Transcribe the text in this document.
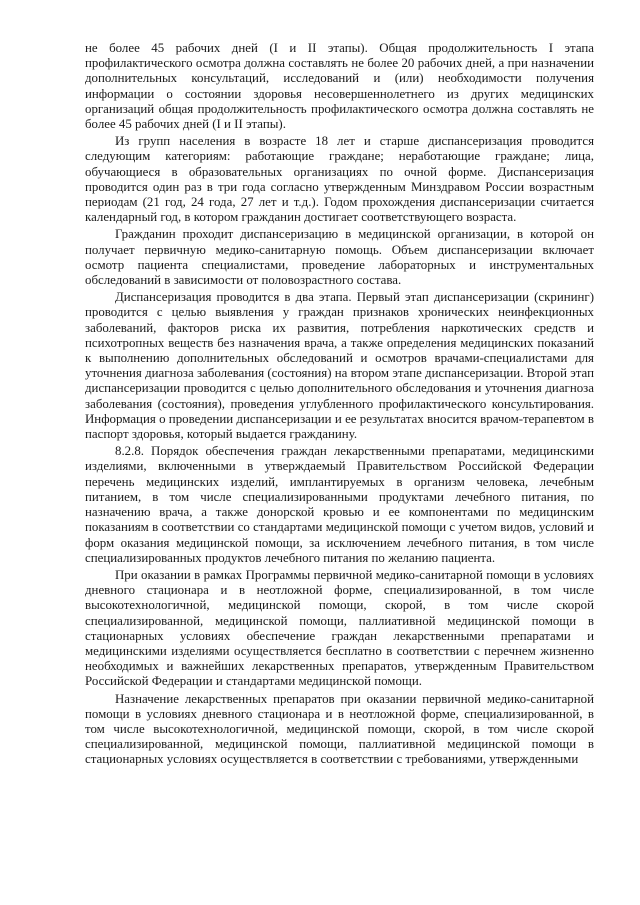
не более 45 рабочих дней (I и II этапы). Общая продолжительность I этапа профилактического осмотра должна составлять не более 20 рабочих дней, а при назначении дополнительных консультаций, исследований и (или) необходимости получения информации о состоянии здоровья несовершеннолетнего из других медицинских организаций общая продолжительность профилактического осмотра должна составлять не более 45 рабочих дней (I и II этапы).

Из групп населения в возрасте 18 лет и старше диспансеризация проводится следующим категориям: работающие граждане; неработающие граждане; лица, обучающиеся в образовательных организациях по очной форме. Диспансеризация проводится один раз в три года согласно утвержденным Минздравом России возрастным периодам (21 год, 24 года, 27 лет и т.д.). Годом прохождения диспансеризации считается календарный год, в котором гражданин достигает соответствующего возраста.

Гражданин проходит диспансеризацию в медицинской организации, в которой он получает первичную медико-санитарную помощь. Объем диспансеризации включает осмотр пациента специалистами, проведение лабораторных и инструментальных обследований в зависимости от половозрастного состава.

Диспансеризация проводится в два этапа. Первый этап диспансеризации (скрининг) проводится с целью выявления у граждан признаков хронических неинфекционных заболеваний, факторов риска их развития, потребления наркотических средств и психотропных веществ без назначения врача, а также определения медицинских показаний к выполнению дополнительных обследований и осмотров врачами-специалистами для уточнения диагноза заболевания (состояния) на втором этапе диспансеризации. Второй этап диспансеризации проводится с целью дополнительного обследования и уточнения диагноза заболевания (состояния), проведения углубленного профилактического консультирования. Информация о проведении диспансеризации и ее результатах вносится врачом-терапевтом в паспорт здоровья, который выдается гражданину.

8.2.8. Порядок обеспечения граждан лекарственными препаратами, медицинскими изделиями, включенными в утверждаемый Правительством Российской Федерации перечень медицинских изделий, имплантируемых в организм человека, лечебным питанием, в том числе специализированными продуктами лечебного питания, по назначению врача, а также донорской кровью и ее компонентами по медицинским показаниям в соответствии со стандартами медицинской помощи с учетом видов, условий и форм оказания медицинской помощи, за исключением лечебного питания, в том числе специализированных продуктов лечебного питания по желанию пациента.

При оказании в рамках Программы первичной медико-санитарной помощи в условиях дневного стационара и в неотложной форме, специализированной, в том числе высокотехнологичной, медицинской помощи, скорой, в том числе скорой специализированной, медицинской помощи, паллиативной медицинской помощи в стационарных условиях обеспечение граждан лекарственными препаратами и медицинскими изделиями осуществляется бесплатно в соответствии с перечнем жизненно необходимых и важнейших лекарственных препаратов, утвержденным Правительством Российской Федерации и стандартами медицинской помощи.

Назначение лекарственных препаратов при оказании первичной медико-санитарной помощи в условиях дневного стационара и в неотложной форме, специализированной, в том числе высокотехнологичной, медицинской помощи, скорой, в том числе скорой специализированной, медицинской помощи, паллиативной медицинской помощи в стационарных условиях осуществляется в соответствии с требованиями, утвержденными
